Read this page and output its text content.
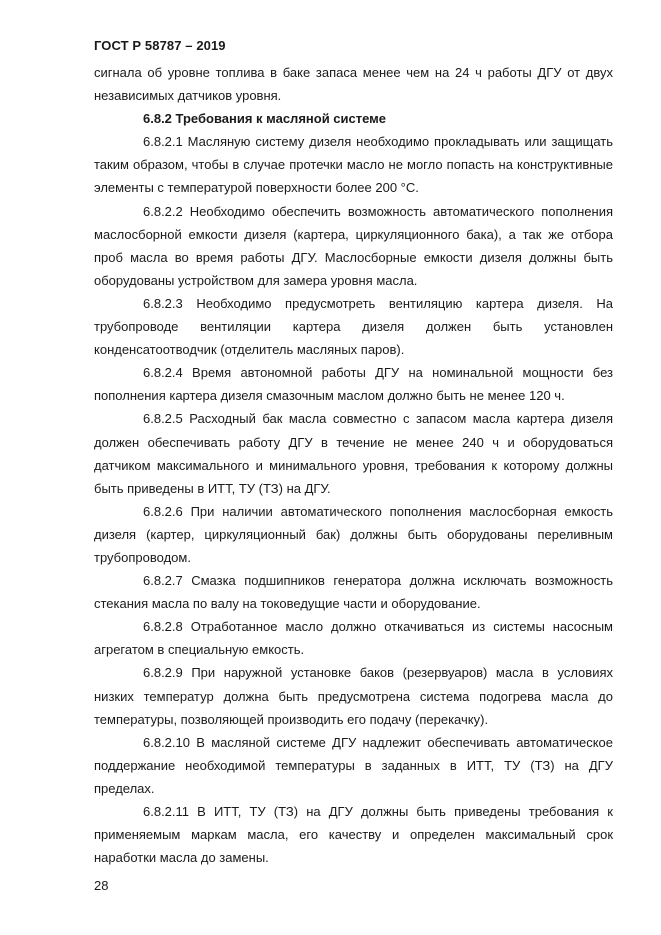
ГОСТ Р 58787 – 2019

сигнала об уровне топлива в баке запаса менее чем на 24 ч работы ДГУ от двух независимых датчиков уровня.

6.8.2 Требования к масляной системе

6.8.2.1 Масляную систему дизеля необходимо прокладывать или защищать таким образом, чтобы в случае протечки масло не могло попасть на конструктивные элементы с температурой поверхности более 200 °С.

6.8.2.2 Необходимо обеспечить возможность автоматического пополнения маслосборной емкости дизеля (картера, циркуляционного бака), а так же отбора проб масла во время работы ДГУ. Маслосборные емкости дизеля должны быть оборудованы устройством для замера уровня масла.

6.8.2.3 Необходимо предусмотреть вентиляцию картера дизеля. На трубопроводе вентиляции картера дизеля должен быть установлен конденсатоотводчик (отделитель масляных паров).

6.8.2.4 Время автономной работы ДГУ на номинальной мощности без пополнения картера дизеля смазочным маслом должно быть не менее 120 ч.

6.8.2.5 Расходный бак масла совместно с запасом масла картера дизеля должен обеспечивать работу ДГУ в течение не менее 240 ч и оборудоваться датчиком максимального и минимального уровня, требования к которому должны быть приведены в ИТТ, ТУ (ТЗ) на ДГУ.

6.8.2.6 При наличии автоматического пополнения маслосборная емкость дизеля (картер, циркуляционный бак) должны быть оборудованы переливным трубопроводом.

6.8.2.7 Смазка подшипников генератора должна исключать возможность стекания масла по валу на токоведущие части и оборудование.

6.8.2.8 Отработанное масло должно откачиваться из системы насосным агрегатом в специальную емкость.

6.8.2.9 При наружной установке баков (резервуаров) масла в условиях низких температур должна быть предусмотрена система подогрева масла до температуры, позволяющей производить его подачу (перекачку).

6.8.2.10 В масляной системе ДГУ надлежит обеспечивать автоматическое поддержание необходимой температуры в заданных в ИТТ, ТУ (ТЗ) на ДГУ пределах.

6.8.2.11 В ИТТ, ТУ (ТЗ) на ДГУ должны быть приведены требования к применяемым маркам масла, его качеству и определен максимальный срок наработки масла до замены.

28
